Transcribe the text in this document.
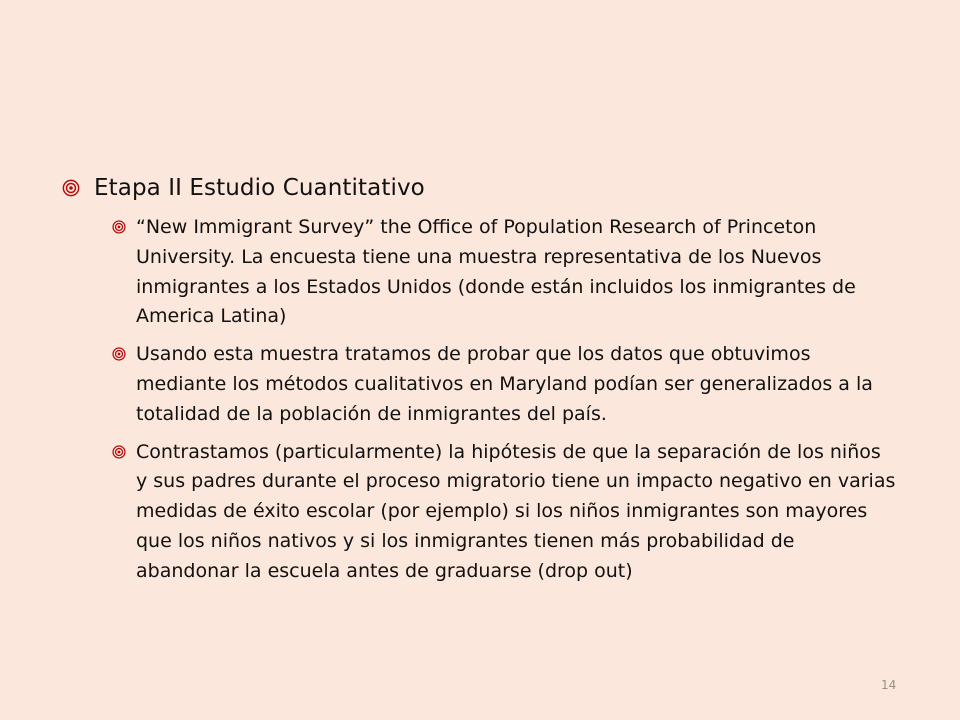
Etapa II Estudio Cuantitativo
“New Immigrant Survey” the Office of Population Research of Princeton University. La encuesta tiene una muestra representativa de los Nuevos inmigrantes a los Estados Unidos (donde están incluidos los inmigrantes de America Latina)
Usando esta muestra tratamos de probar que los datos que obtuvimos mediante los métodos cualitativos en Maryland podían ser generalizados a la totalidad de la población de inmigrantes del país.
Contrastamos (particularmente) la hipótesis de que la separación de los niños y sus padres durante el proceso migratorio tiene un impacto negativo en varias medidas de éxito escolar (por ejemplo) si los niños inmigrantes son mayores que los niños nativos y si los inmigrantes tienen más probabilidad de abandonar la escuela antes de graduarse (drop out)
14
